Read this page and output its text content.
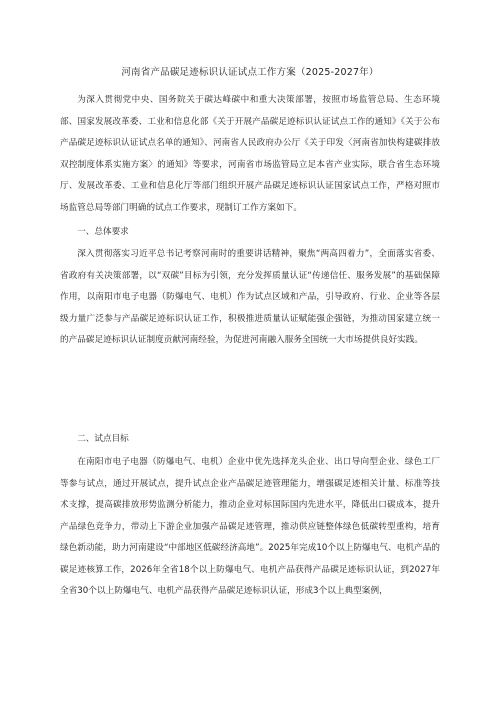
河南省产品碳足迹标识认证试点工作方案（2025-2027年）

为深入贯彻党中央、国务院关于碳达峰碳中和重大决策部署，按照市场监管总局、生态环境部、国家发展改革委、工业和信息化部《关于开展产品碳足迹标识认证试点工作的通知》《关于公布产品碳足迹标识认证试点名单的通知》、河南省人民政府办公厅《关于印发〈河南省加快构建碳排放双控制度体系实施方案〉的通知》等要求，河南省市场监管局立足本省产业实际，联合省生态环境厅、发展改革委、工业和信息化厅等部门组织开展产品碳足迹标识认证国家试点工作，严格对照市场监管总局等部门明确的试点工作要求，现制订工作方案如下。

一、总体要求

深入贯彻落实习近平总书记考察河南时的重要讲话精神，聚焦“两高四着力”，全面落实省委、省政府有关决策部署，以“双碳”目标为引领，充分发挥质量认证“传递信任、服务发展”的基础保障作用，以南阳市电子电器（防爆电气、电机）作为试点区域和产品，引导政府、行业、企业等各层级力量广泛参与产品碳足迹标识认证工作，积极推进质量认证赋能强企强链，为推动国家建立统一的产品碳足迹标识认证制度贡献河南经验，为促进河南融入服务全国统一大市场提供良好实践。

二、试点目标

在南阳市电子电器（防爆电气、电机）企业中优先选择龙头企业、出口导向型企业、绿色工厂等参与试点，通过开展试点，提升试点企业产品碳足迹管理能力，增强碳足迹相关计量、标准等技术支撑，提高碳排放形势监测分析能力，推动企业对标国际国内先进水平，降低出口碳成本，提升产品绿色竞争力，带动上下游企业加强产品碳足迹管理，推动供应链整体绿色低碳转型重构，培育绿色新动能，助力河南建设“中部地区低碳经济高地”。2025年完成10个以上防爆电气、电机产品的碳足迹核算工作，2026年全省18个以上防爆电气、电机产品获得产品碳足迹标识认证，到2027年全省30个以上防爆电气、电机产品获得产品碳足迹标识认证，形成3个以上典型案例，
